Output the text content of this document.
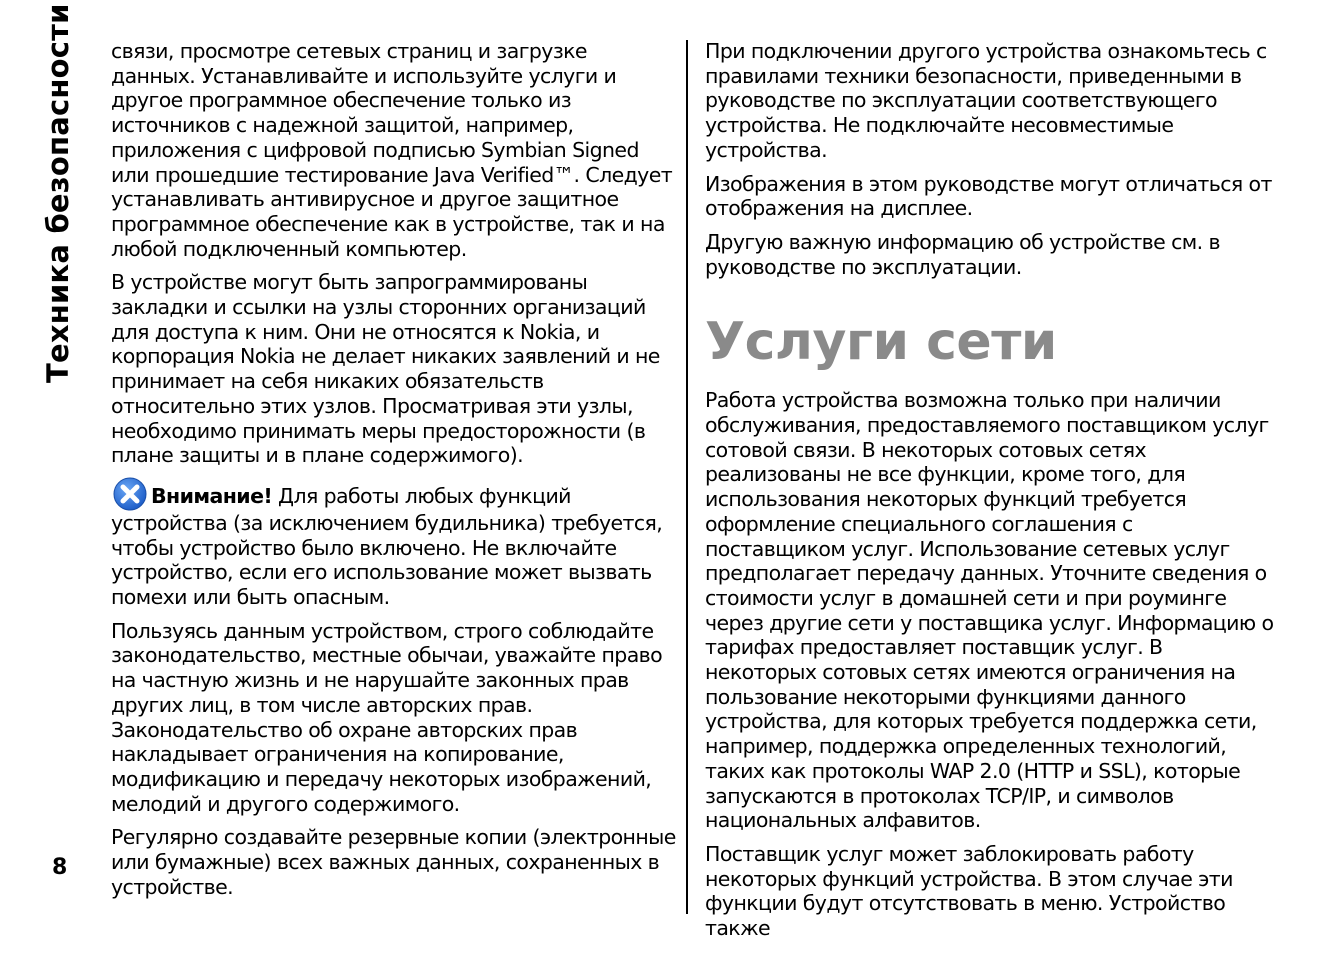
Техника безопасности
8

связи, просмотре сетевых страниц и загрузке данных. Устанавливайте и используйте услуги и другое программное обеспечение только из источников с надежной защитой, например, приложения с цифровой подписью Symbian Signed или прошедшие тестирование Java Verified™. Следует устанавливать антивирусное и другое защитное программное обеспечение как в устройстве, так и на любой подключенный компьютер.

В устройстве могут быть запрограммированы закладки и ссылки на узлы сторонних организаций для доступа к ним. Они не относятся к Nokia, и корпорация Nokia не делает никаких заявлений и не принимает на себя никаких обязательств относительно этих узлов. Просматривая эти узлы, необходимо принимать меры предосторожности (в плане защиты и в плане содержимого).

Внимание! Для работы любых функций устройства (за исключением будильника) требуется, чтобы устройство было включено. Не включайте устройство, если его использование может вызвать помехи или быть опасным.

Пользуясь данным устройством, строго соблюдайте законодательство, местные обычаи, уважайте право на частную жизнь и не нарушайте законных прав других лиц, в том числе авторских прав. Законодательство об охране авторских прав накладывает ограничения на копирование, модификацию и передачу некоторых изображений, мелодий и другого содержимого.

Регулярно создавайте резервные копии (электронные или бумажные) всех важных данных, сохраненных в устройстве.

При подключении другого устройства ознакомьтесь с правилами техники безопасности, приведенными в руководстве по эксплуатации соответствующего устройства. Не подключайте несовместимые устройства.

Изображения в этом руководстве могут отличаться от отображения на дисплее.

Другую важную информацию об устройстве см. в руководстве по эксплуатации.

Услуги сети

Работа устройства возможна только при наличии обслуживания, предоставляемого поставщиком услуг сотовой связи. В некоторых сотовых сетях реализованы не все функции, кроме того, для использования некоторых функций требуется оформление специального соглашения с поставщиком услуг. Использование сетевых услуг предполагает передачу данных. Уточните сведения о стоимости услуг в домашней сети и при роуминге через другие сети у поставщика услуг. Информацию о тарифах предоставляет поставщик услуг. В некоторых сотовых сетях имеются ограничения на пользование некоторыми функциями данного устройства, для которых требуется поддержка сети, например, поддержка определенных технологий, таких как протоколы WAP 2.0 (HTTP и SSL), которые запускаются в протоколах TCP/IP, и символов национальных алфавитов.

Поставщик услуг может заблокировать работу некоторых функций устройства. В этом случае эти функции будут отсутствовать в меню. Устройство также
